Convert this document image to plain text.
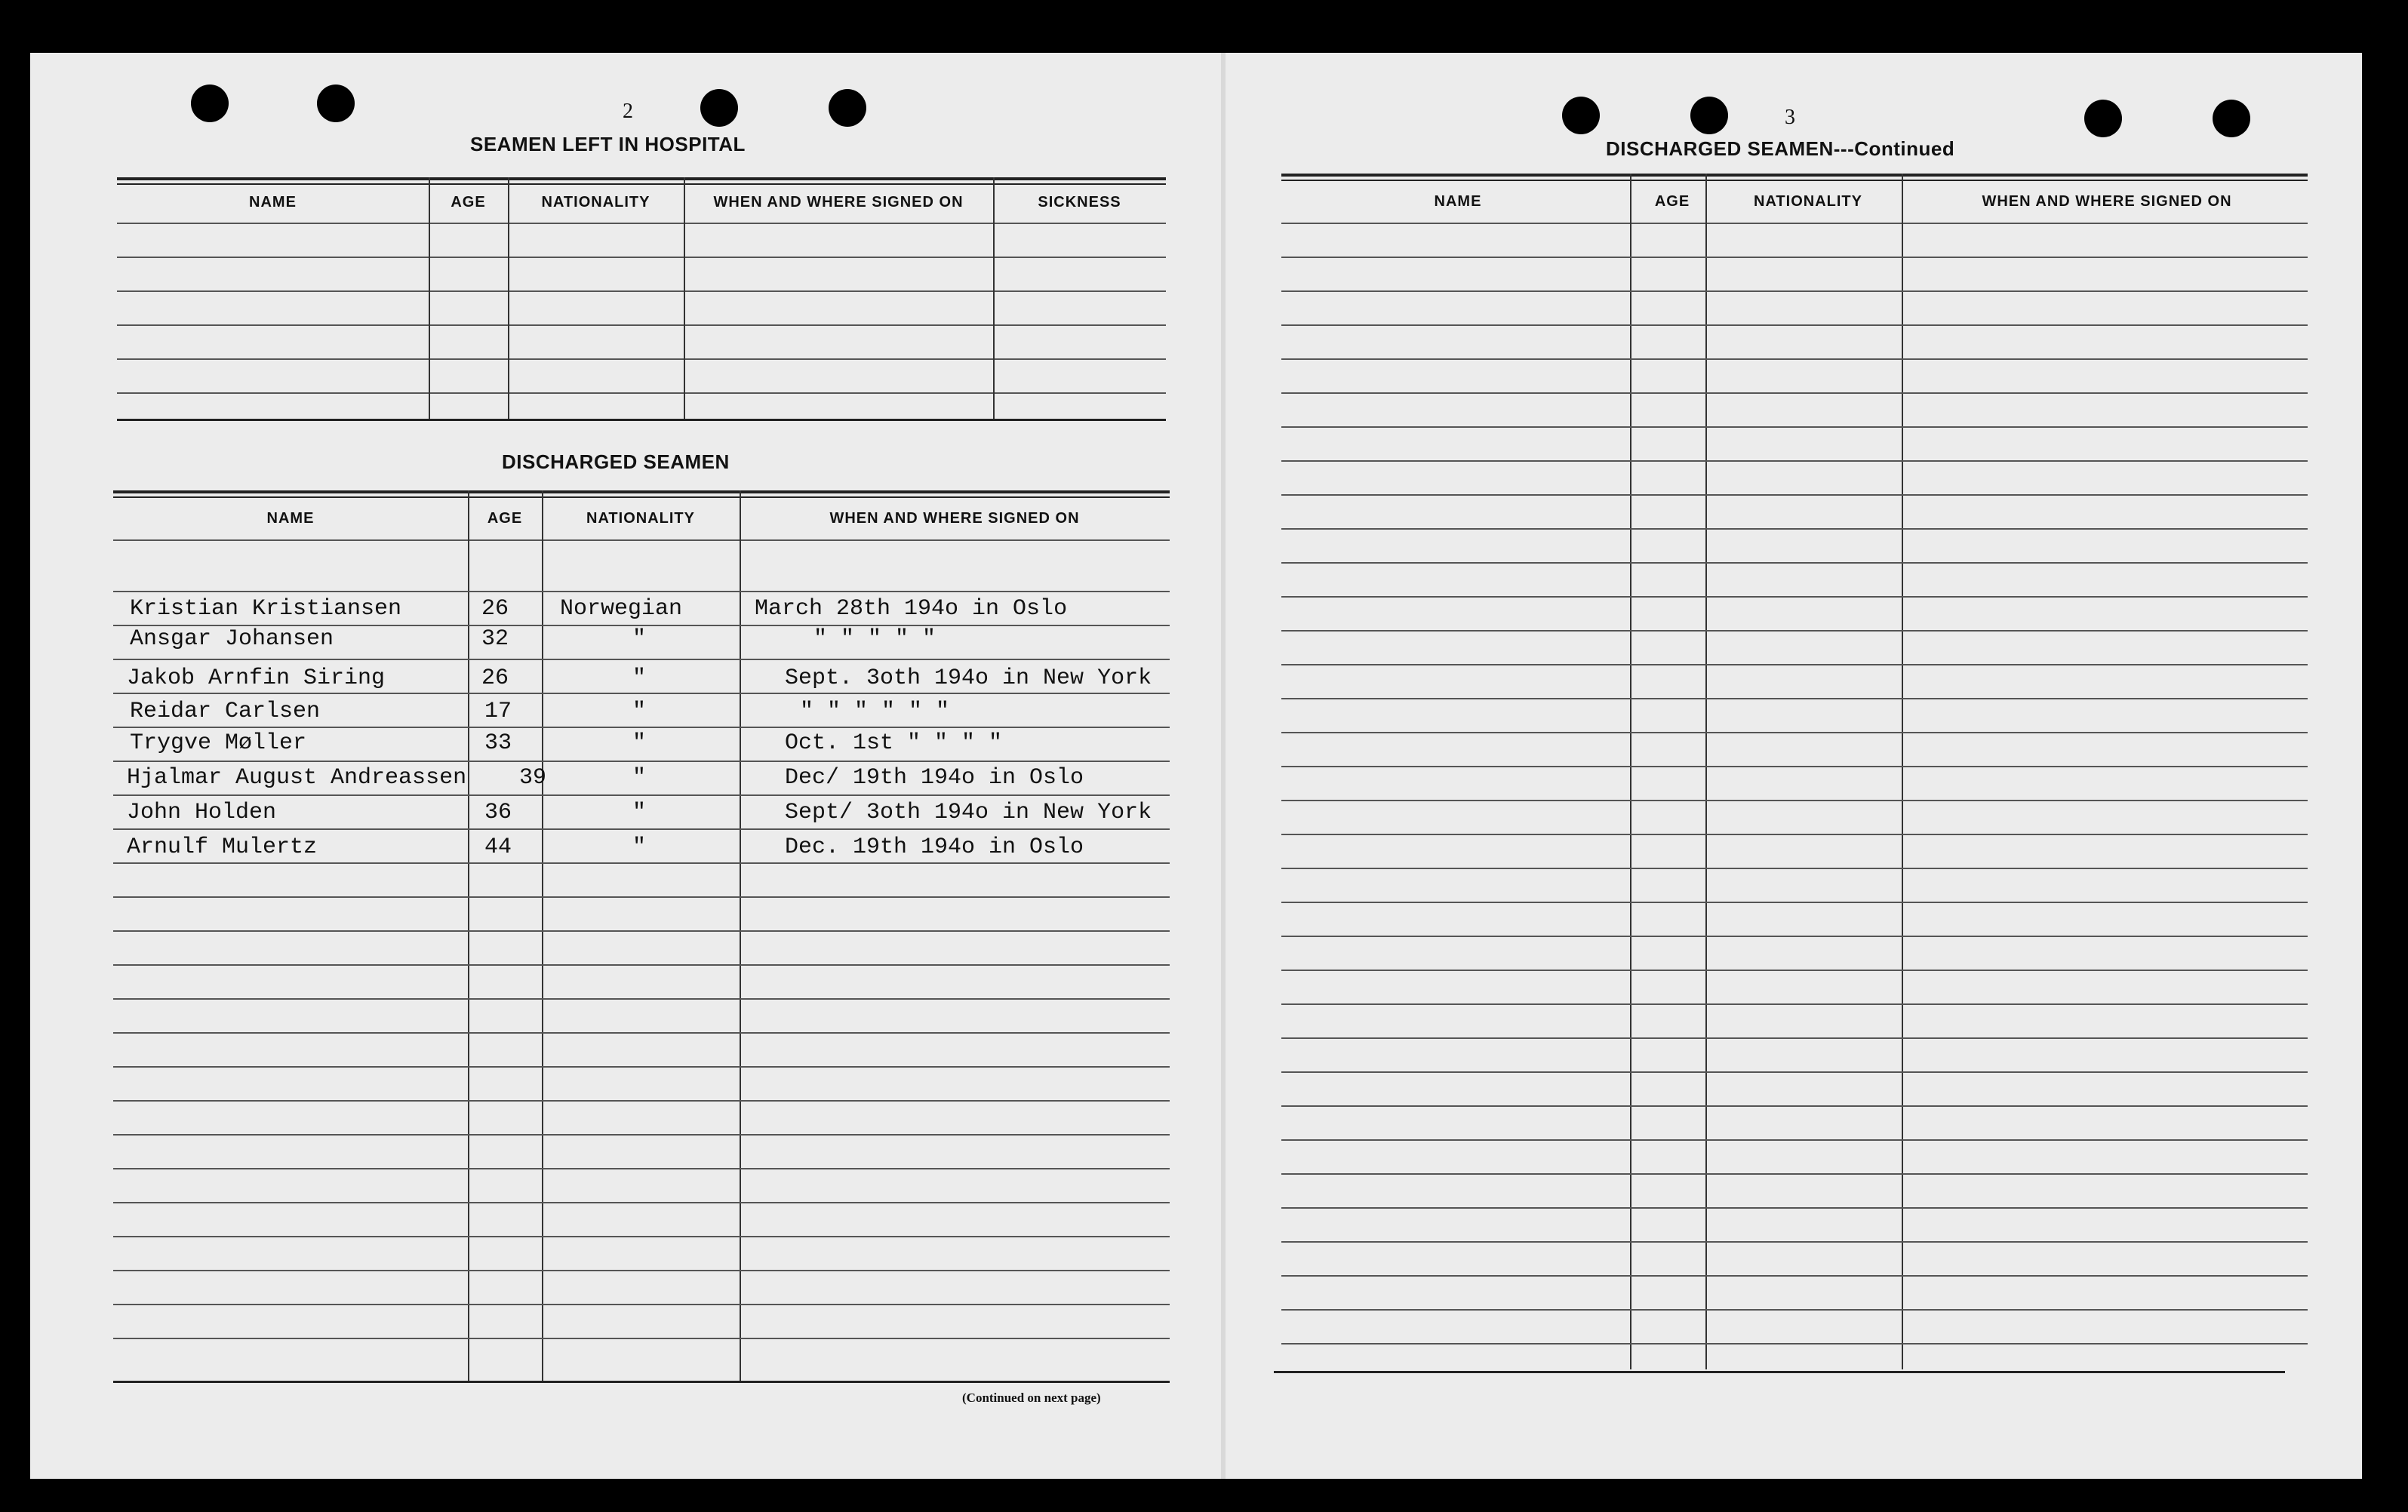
2
SEAMEN LEFT IN HOSPITAL
NAME	AGE	NATIONALITY	WHEN AND WHERE SIGNED ON	SICKNESS
DISCHARGED SEAMEN
NAME	AGE	NATIONALITY	WHEN AND WHERE SIGNED ON
Kristian Kristiansen	26 Norwegian	March 28th 194o in Oslo
Ansgar Johansen	32	"	" " " " "
Jakob Arnfin Siring	26	"	Sept. 3oth 194o in New York
Reidar Carlsen	17	"	" " " " " "
Trygve Møller	33	"	Oct. 1st " " " "
Hjalmar August Andreassen 39	"	Dec/ 19th 194o in Oslo
John Holden	36	"	Sept/ 3oth 194o in New York
Arnulf Mulertz	44	"	Dec. 19th 194o in Oslo
(Continued on next page)
3
DISCHARGED SEAMEN---Continued
NAME	AGE	NATIONALITY	WHEN AND WHERE SIGNED ON
